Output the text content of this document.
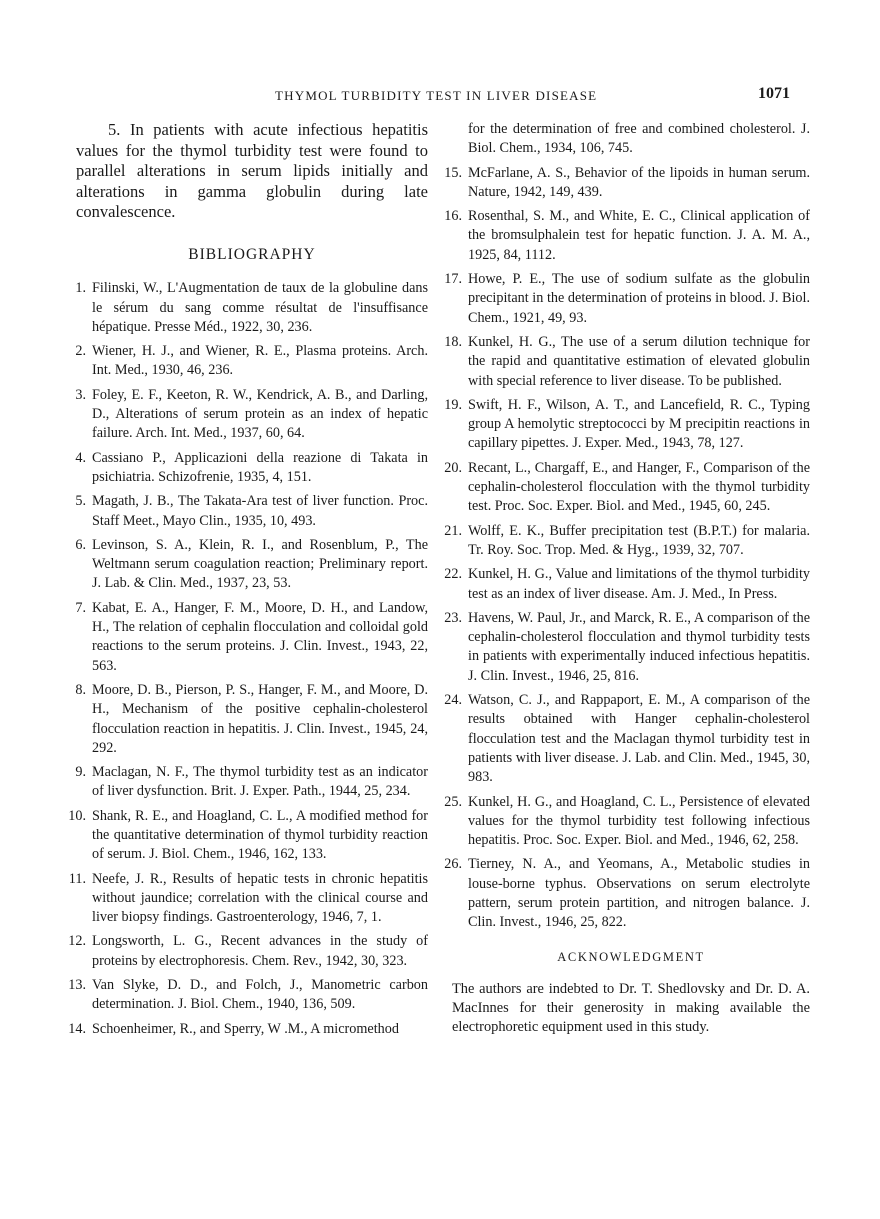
THYMOL TURBIDITY TEST IN LIVER DISEASE	1071

5. In patients with acute infectious hepatitis values for the thymol turbidity test were found to parallel alterations in serum lipids initially and alterations in gamma globulin during late convalescence.

BIBLIOGRAPHY

1. Filinski, W., L'Augmentation de taux de la globuline dans le sérum du sang comme résultat de l'insuffisance hépatique. Presse Méd., 1922, 30, 236.
2. Wiener, H. J., and Wiener, R. E., Plasma proteins. Arch. Int. Med., 1930, 46, 236.
3. Foley, E. F., Keeton, R. W., Kendrick, A. B., and Darling, D., Alterations of serum protein as an index of hepatic failure. Arch. Int. Med., 1937, 60, 64.
4. Cassiano P., Applicazioni della reazione di Takata in psichiatria. Schizofrenie, 1935, 4, 151.
5. Magath, J. B., The Takata-Ara test of liver function. Proc. Staff Meet., Mayo Clin., 1935, 10, 493.
6. Levinson, S. A., Klein, R. I., and Rosenblum, P., The Weltmann serum coagulation reaction; Preliminary report. J. Lab. & Clin. Med., 1937, 23, 53.
7. Kabat, E. A., Hanger, F. M., Moore, D. H., and Landow, H., The relation of cephalin flocculation and colloidal gold reactions to the serum proteins. J. Clin. Invest., 1943, 22, 563.
8. Moore, D. B., Pierson, P. S., Hanger, F. M., and Moore, D. H., Mechanism of the positive cephalin-cholesterol flocculation reaction in hepatitis. J. Clin. Invest., 1945, 24, 292.
9. Maclagan, N. F., The thymol turbidity test as an indicator of liver dysfunction. Brit. J. Exper. Path., 1944, 25, 234.
10. Shank, R. E., and Hoagland, C. L., A modified method for the quantitative determination of thymol turbidity reaction of serum. J. Biol. Chem., 1946, 162, 133.
11. Neefe, J. R., Results of hepatic tests in chronic hepatitis without jaundice; correlation with the clinical course and liver biopsy findings. Gastroenterology, 1946, 7, 1.
12. Longsworth, L. G., Recent advances in the study of proteins by electrophoresis. Chem. Rev., 1942, 30, 323.
13. Van Slyke, D. D., and Folch, J., Manometric carbon determination. J. Biol. Chem., 1940, 136, 509.
14. Schoenheimer, R., and Sperry, W .M., A micromethod

for the determination of free and combined cholesterol. J. Biol. Chem., 1934, 106, 745.

15. McFarlane, A. S., Behavior of the lipoids in human serum. Nature, 1942, 149, 439.
16. Rosenthal, S. M., and White, E. C., Clinical application of the bromsulphalein test for hepatic function. J. A. M. A., 1925, 84, 1112.
17. Howe, P. E., The use of sodium sulfate as the globulin precipitant in the determination of proteins in blood. J. Biol. Chem., 1921, 49, 93.
18. Kunkel, H. G., The use of a serum dilution technique for the rapid and quantitative estimation of elevated globulin with special reference to liver disease. To be published.
19. Swift, H. F., Wilson, A. T., and Lancefield, R. C., Typing group A hemolytic streptococci by M precipitin reactions in capillary pipettes. J. Exper. Med., 1943, 78, 127.
20. Recant, L., Chargaff, E., and Hanger, F., Comparison of the cephalin-cholesterol flocculation with the thymol turbidity test. Proc. Soc. Exper. Biol. and Med., 1945, 60, 245.
21. Wolff, E. K., Buffer precipitation test (B.P.T.) for malaria. Tr. Roy. Soc. Trop. Med. & Hyg., 1939, 32, 707.
22. Kunkel, H. G., Value and limitations of the thymol turbidity test as an index of liver disease. Am. J. Med., In Press.
23. Havens, W. Paul, Jr., and Marck, R. E., A comparison of the cephalin-cholesterol flocculation and thymol turbidity tests in patients with experimentally induced infectious hepatitis. J. Clin. Invest., 1946, 25, 816.
24. Watson, C. J., and Rappaport, E. M., A comparison of the results obtained with Hanger cephalin-cholesterol flocculation test and the Maclagan thymol turbidity test in patients with liver disease. J. Lab. and Clin. Med., 1945, 30, 983.
25. Kunkel, H. G., and Hoagland, C. L., Persistence of elevated values for the thymol turbidity test following infectious hepatitis. Proc. Soc. Exper. Biol. and Med., 1946, 62, 258.
26. Tierney, N. A., and Yeomans, A., Metabolic studies in louse-borne typhus. Observations on serum electrolyte pattern, serum protein partition, and nitrogen balance. J. Clin. Invest., 1946, 25, 822.

ACKNOWLEDGMENT

The authors are indebted to Dr. T. Shedlovsky and Dr. D. A. MacInnes for their generosity in making available the electrophoretic equipment used in this study.
